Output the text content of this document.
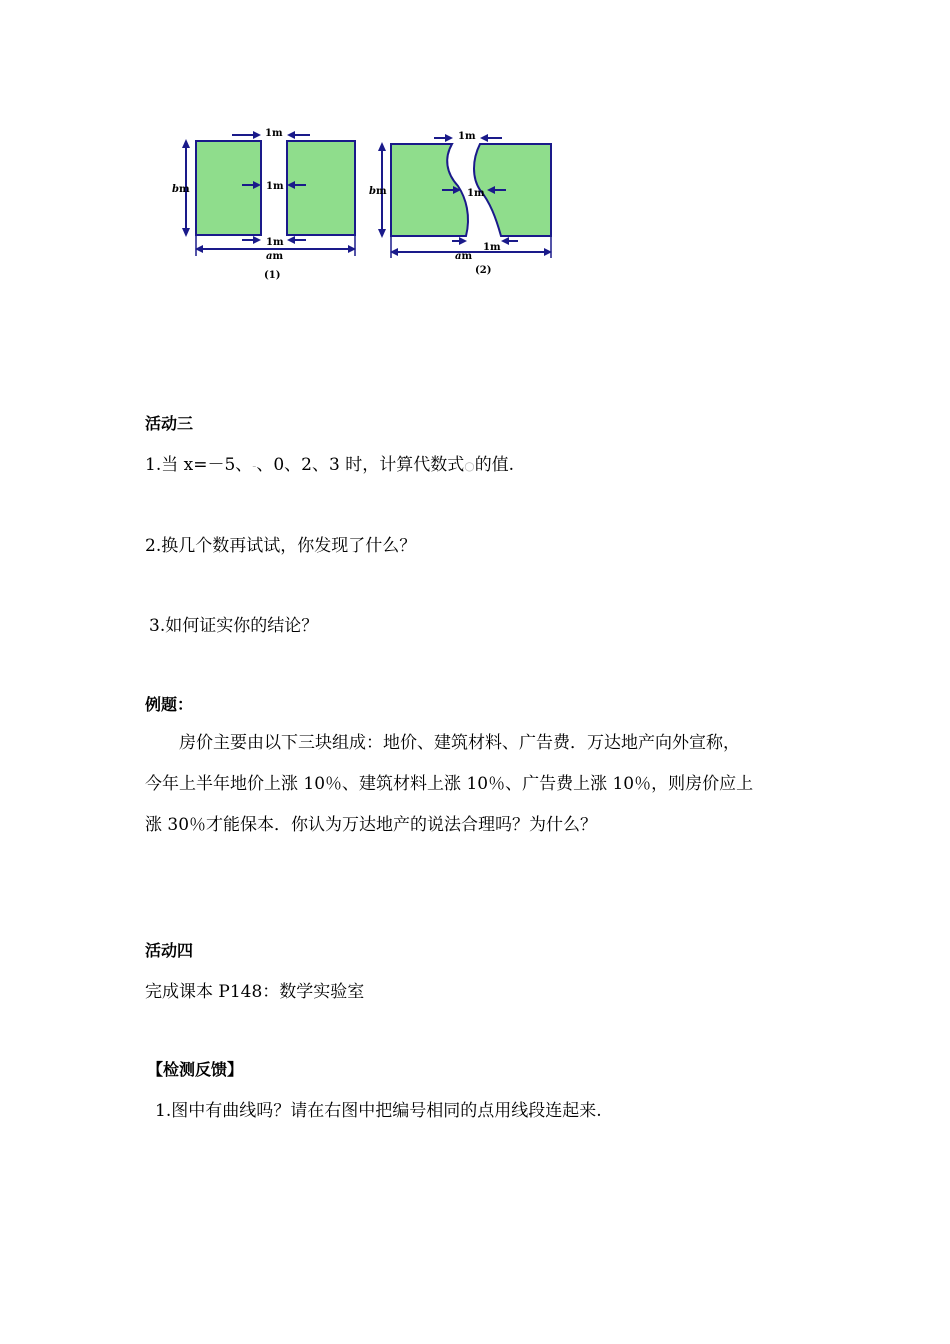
1m
1m
1m
bm
am
(1)
1m
1m
1m
bm
am
(2)
活动三
1.当 x=－5、-、0、2、3 时，计算代数式○的值.
2.换几个数再试试，你发现了什么？
3.如何证实你的结论？
例题：
房价主要由以下三块组成：地价、建筑材料、广告费．万达地产向外宣称，
今年上半年地价上涨 10％、建筑材料上涨 10％、广告费上涨 10％，则房价应上
涨 30％才能保本．你认为万达地产的说法合理吗？为什么？
活动四
完成课本 P148：数学实验室
【检测反馈】
1.图中有曲线吗？请在右图中把编号相同的点用线段连起来.
